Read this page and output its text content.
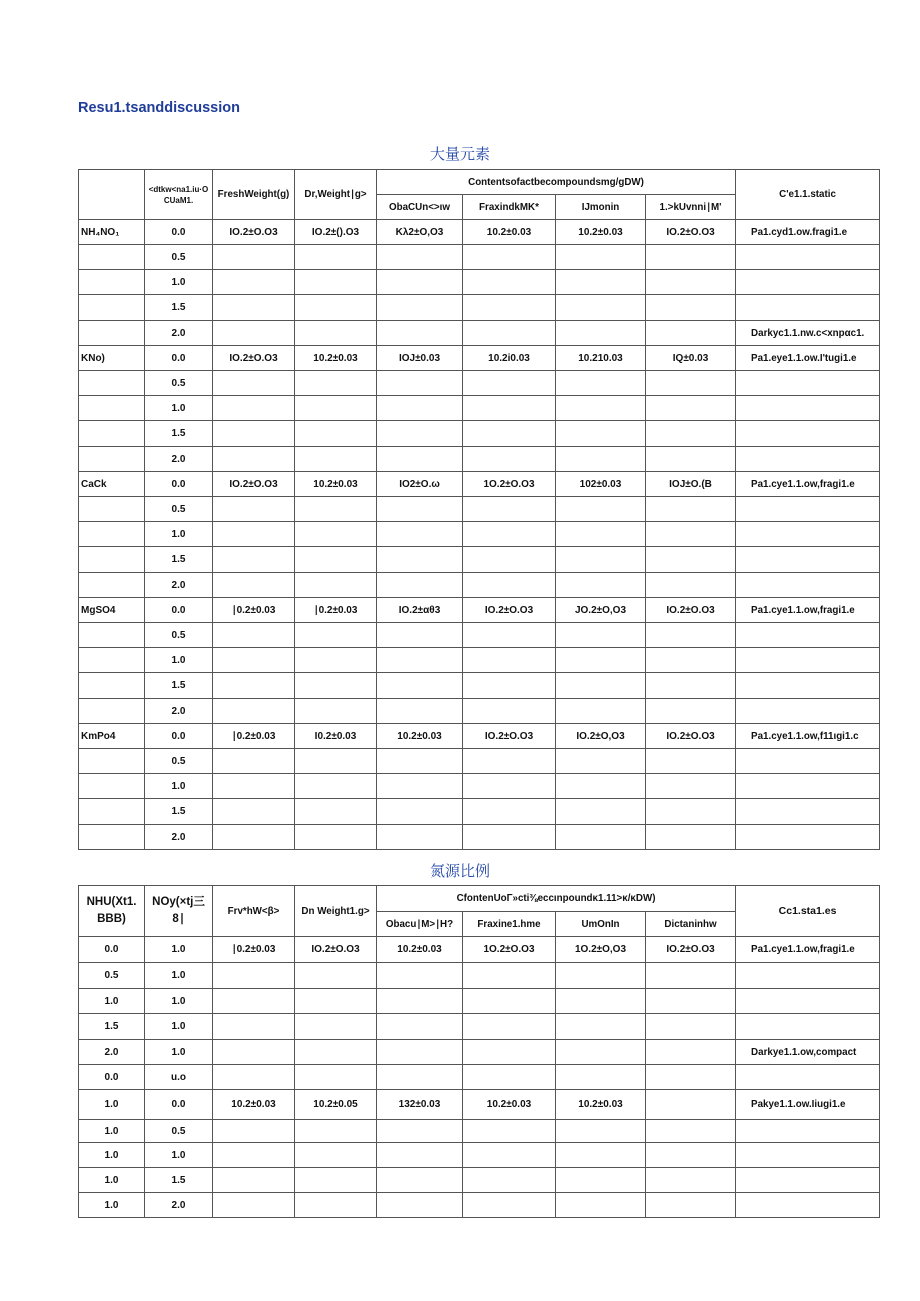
Resu1.tsanddiscussion
大量元素
	<dtkw<na1.iu·O CUaM1.	FreshWeight(g)	Dr,Weight∣g>	Contentsofactbecompoundsmg/gDW)				C'e1.1.static
				ObaCUn<>ιw	FraxindkMK*	IJmonin	1.>kUvnni∣M'	
NH₄NO₁	0.0	IO.2±O.O3	IO.2±().O3	Kλ2±O,O3	10.2±0.03	10.2±0.03	IO.2±O.O3	Pa1.cyd1.ow.fragi1.e
	0.5							
	1.0							
	1.5							
	2.0							Darkyc1.1.nw.c<xnpαc1.
KNo)	0.0	IO.2±O.O3	10.2±0.03	IOJ±0.03	10.2i0.03	10.210.03	IQ±0.03	Pa1.eye1.1.ow.I'tugi1.e
	0.5							
	1.0							
	1.5							
	2.0							
CaCk	0.0	IO.2±O.O3	10.2±0.03	IO2±O.ω	1O.2±O.O3	102±0.03	IOJ±O.(B	Pa1.cye1.1.ow,fragi1.e
	0.5							
	1.0							
	1.5							
	2.0							
MgSO4	0.0	∣0.2±0.03	∣0.2±0.03	IO.2±αθ3	IO.2±O.O3	JO.2±O,O3	IO.2±O.O3	Pa1.cye1.1.ow,fragi1.e
	0.5							
	1.0							
	1.5							
	2.0							
KmPo4	0.0	∣0.2±0.03	I0.2±0.03	10.2±0.03	IO.2±O.O3	IO.2±O,O3	IO.2±O.O3	Pa1.cye1.1.ow,f11ιgi1.c
	0.5							
	1.0							
	1.5							
	2.0							
氮源比例
NHU(Xt1. BBB)	NOy(×tj三 8∣	Frv*hW<β>	Dn Weight1.g>	CfontenUoΓ»cti⅜eccιnpoundκ1.11>κ/κDW)				Cc1.sta1.es
				Obacu∣M>∣H?	Fraxine1.hme	UmOnIn	Dictaninhw	
0.0	1.0	∣0.2±0.03	IO.2±O.O3	10.2±0.03	1O.2±O.O3	1O.2±O,O3	IO.2±O.O3	Pa1.cye1.1.ow,fragi1.e
0.5	1.0							
1.0	1.0							
1.5	1.0							
2.0	1.0							Darkye1.1.ow,compact
0.0	u.o							
1.0	0.0	10.2±0.03	10.2±0.05	132±0.03	10.2±0.03	10.2±0.03		Pakye1.1.ow.Iiugi1.e
1.0	0.5							
1.0	1.0							
1.0	1.5							
1.0	2.0							
